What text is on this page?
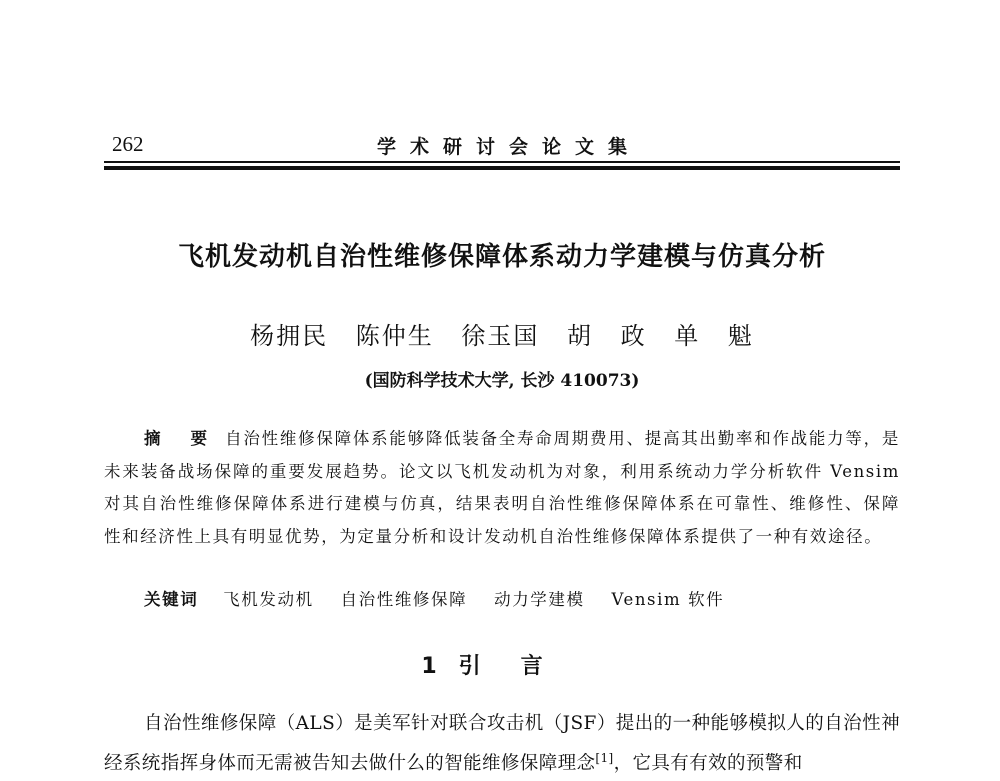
262	学术研讨会论文集
飞机发动机自治性维修保障体系动力学建模与仿真分析
杨拥民 陈仲生 徐玉国 胡 政 单 魁
(国防科学技术大学, 长沙 410073)
摘 要 自治性维修保障体系能够降低装备全寿命周期费用、提高其出勤率和作战能力等，是未来装备战场保障的重要发展趋势。论文以飞机发动机为对象，利用系统动力学分析软件 Vensim 对其自治性维修保障体系进行建模与仿真，结果表明自治性维修保障体系在可靠性、维修性、保障性和经济性上具有明显优势，为定量分析和设计发动机自治性维修保障体系提供了一种有效途径。
关键词 飞机发动机 自治性维修保障 动力学建模 Vensim 软件
1 引言
自治性维修保障（ALS）是美军针对联合攻击机（JSF）提出的一种能够模拟人的自治性神经系统指挥身体而无需被告知去做什么的智能维修保障理念[1]，它具有有效的预警和
